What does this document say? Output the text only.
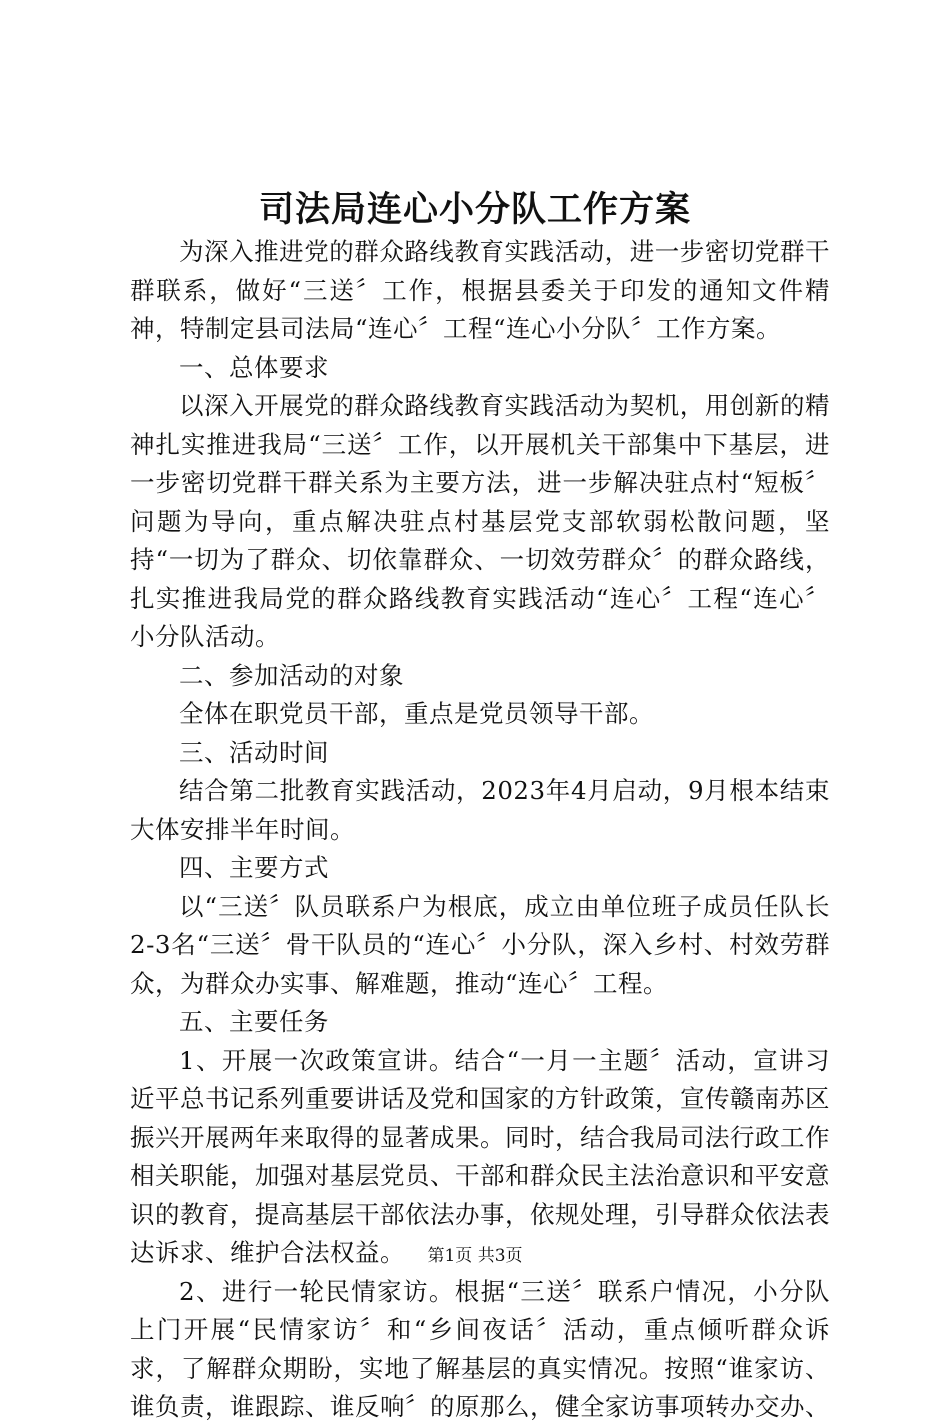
司法局连心小分队工作方案

为深入推进党的群众路线教育实践活动，进一步密切党群干群联系，做好“三送〞工作，根据县委关于印发的通知文件精神，特制定县司法局“连心〞工程“连心小分队〞工作方案。

一、总体要求

以深入开展党的群众路线教育实践活动为契机，用创新的精神扎实推进我局“三送〞工作，以开展机关干部集中下基层，进一步密切党群干群关系为主要方法，进一步解决驻点村“短板〞问题为导向，重点解决驻点村基层党支部软弱松散问题，坚持“一切为了群众、切依靠群众、一切效劳群众〞的群众路线，扎实推进我局党的群众路线教育实践活动“连心〞工程“连心〞小分队活动。

二、参加活动的对象

全体在职党员干部，重点是党员领导干部。

三、活动时间

结合第二批教育实践活动，2023年4月启动，9月根本结束大体安排半年时间。

四、主要方式

以“三送〞队员联系户为根底，成立由单位班子成员任队长2-3名“三送〞骨干队员的“连心〞小分队，深入乡村、村效劳群众，为群众办实事、解难题，推动“连心〞工程。

五、主要任务

1、开展一次政策宣讲。结合“一月一主题〞活动，宣讲习近平总书记系列重要讲话及党和国家的方针政策，宣传赣南苏区振兴开展两年来取得的显著成果。同时，结合我局司法行政工作相关职能，加强对基层党员、干部和群众民主法治意识和平安意识的教育，提高基层干部依法办事，依规处理，引导群众依法表达诉求、维护合法权益。

2、进行一轮民情家访。根据“三送〞联系户情况，小分队上门开展“民情家访〞和“乡间夜话〞活动，重点倾听群众诉求，了解群众期盼，实地了解基层的真实情况。按照“谁家访、谁负责，谁跟踪、谁反响〞的原那么，健全家访事项转办交办、

第1页 共3页
